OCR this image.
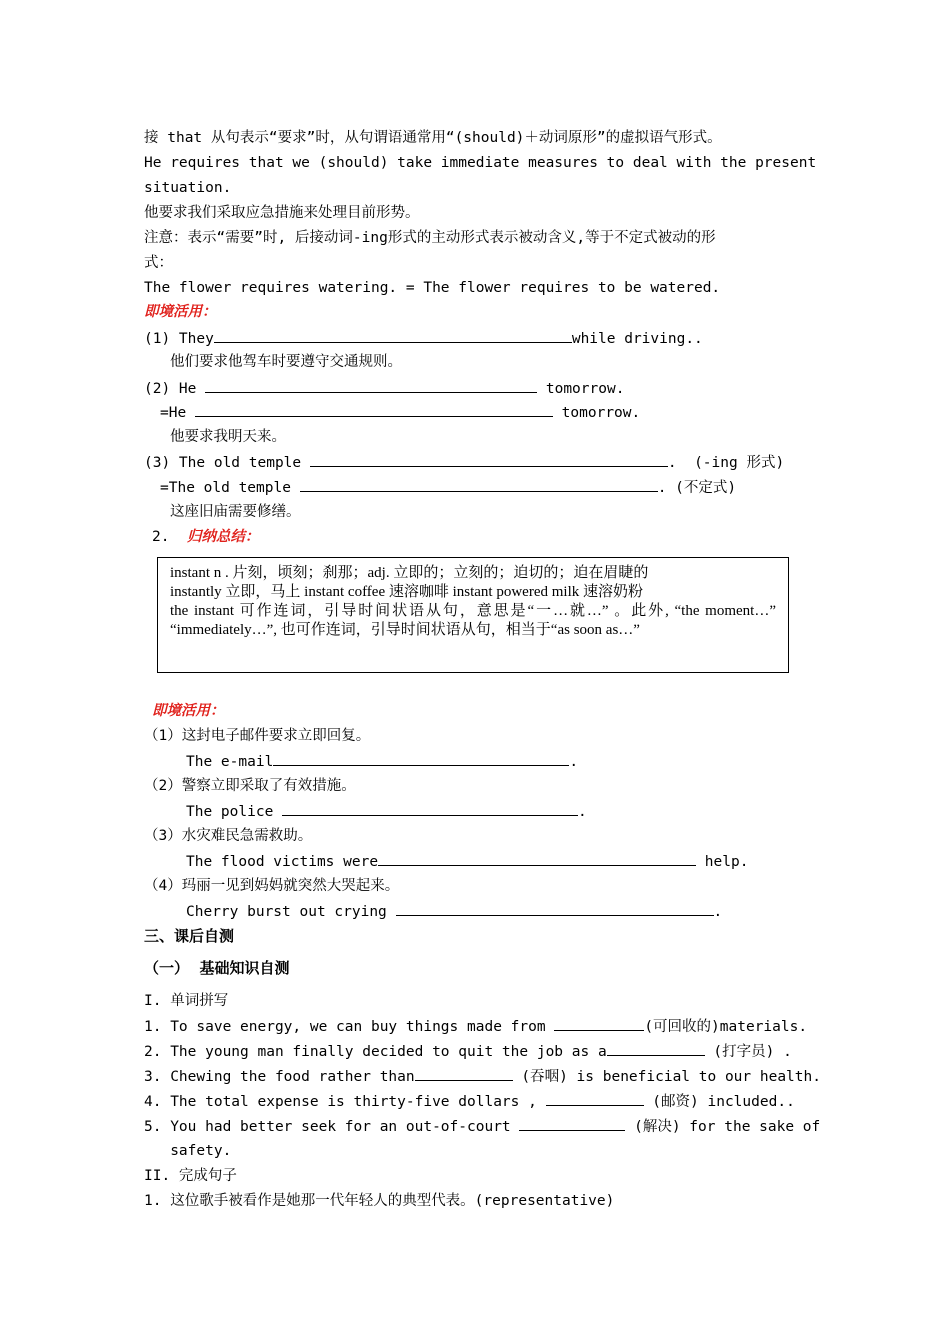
接 that 从句表示“要求”时，从句谓语通常用“(should)＋动词原形”的虚拟语气形式。
He requires that we (should) take immediate measures to deal with the present
situation.
他要求我们采取应急措施来处理目前形势。
注意：表示“需要”时, 后接动词-ing形式的主动形式表示被动含义,等于不定式被动的形
式：
The flower requires watering. = The flower requires to be watered.
即境活用：
(1) They	while driving..
他们要求他驾车时要遵守交通规则。
(2) He	tomorrow.
=He	tomorrow.
他要求我明天来。
(3) The old temple	.  (-ing 形式)
=The old temple	. (不定式)
这座旧庙需要修缮。
2. 归纳总结：

instant n . 片刻，顷刻；刹那；adj. 立即的；立刻的；迫切的；迫在眉睫的

instantly 立即，马上 instant coffee 速溶咖啡 instant powered milk 速溶奶粉

the instant 可作连词，引导时间状语从句，意思是“一…就…” 。此外, “the moment…” “immediately…”, 也可作连词，引导时间状语从句，相当于“as soon as…”

即境活用：
（1）这封电子邮件要求立即回复。
The e-mail	.
（2）警察立即采取了有效措施。
The police	.
（3）水灾难民急需救助。
The flood victims were	help.
（4）玛丽一见到妈妈就突然大哭起来。
Cherry burst out crying	.
三、课后自测
（一）  基础知识自测
I. 单词拼写
1. To save energy, we can buy things made from	(可回收的)materials.
2. The young man finally decided to quit the job as a	(打字员) .
3. Chewing the food rather than	(吞咽) is beneficial to our health.
4. The total expense is thirty-five dollars ,	(邮资) included..
5. You had better seek for an out-of-court	(解决) for the sake of
safety.
II. 完成句子
1. 这位歌手被看作是她那一代年轻人的典型代表。(representative)
